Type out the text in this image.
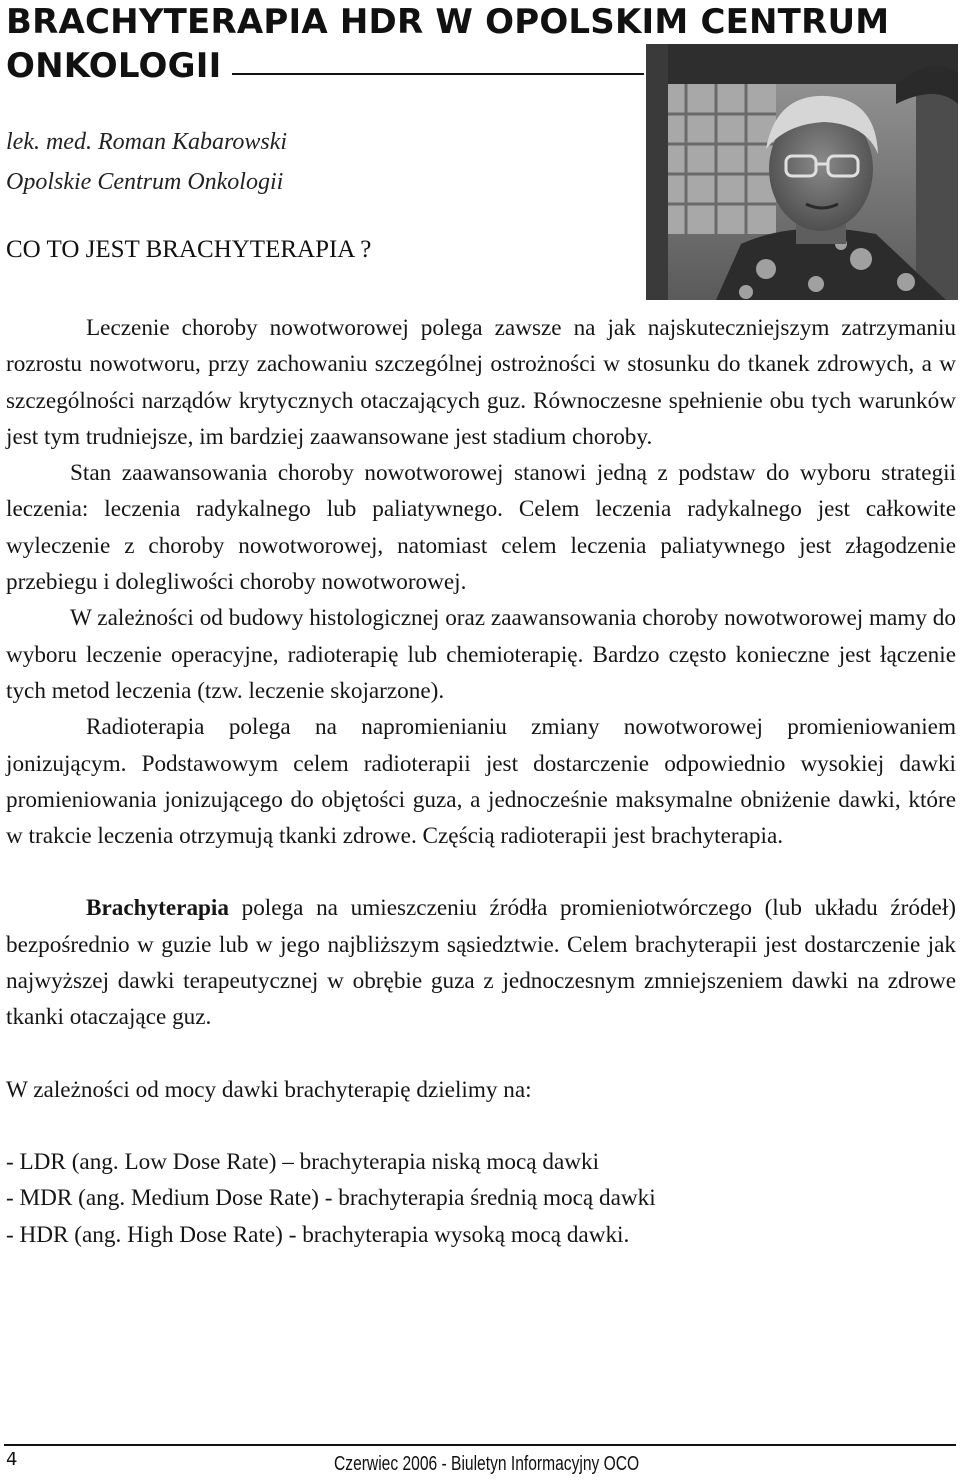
BRACHYTERAPIA HDR W OPOLSKIM CENTRUM
ONKOLOGII
lek. med. Roman Kabarowski
Opolskie Centrum Onkologii
CO TO JEST BRACHYTERAPIA ?

Leczenie choroby nowotworowej polega zawsze na jak najskuteczniejszym zatrzymaniu rozrostu nowotworu, przy zachowaniu szczególnej ostrożności w stosunku do tkanek zdrowych, a w szczególności narządów krytycznych otaczających guz. Równoczesne spełnienie obu tych warunków jest tym trudniejsze, im bardziej zaawansowane jest stadium choroby.

Stan zaawansowania choroby nowotworowej stanowi jedną z podstaw do wyboru strategii leczenia: leczenia radykalnego lub paliatywnego. Celem leczenia radykalnego jest całkowite wyleczenie z choroby nowotworowej, natomiast celem leczenia paliatywnego jest złagodzenie przebiegu i dolegliwości choroby nowotworowej.

W zależności od budowy histologicznej oraz zaawansowania choroby nowotworowej mamy do wyboru leczenie operacyjne, radioterapię lub chemioterapię. Bardzo często konieczne jest łączenie tych metod leczenia (tzw. leczenie skojarzone).

Radioterapia polega na napromienianiu zmiany nowotworowej promieniowaniem jonizującym. Podstawowym celem radioterapii jest dostarczenie odpowiednio wysokiej dawki promieniowania jonizującego do objętości guza, a jednocześnie maksymalne obniżenie dawki, które w trakcie leczenia otrzymują tkanki zdrowe. Częścią radioterapii jest brachyterapia.

Brachyterapia polega na umieszczeniu źródła promieniotwórczego (lub układu źródeł) bezpośrednio w guzie lub w jego najbliższym sąsiedztwie. Celem brachyterapii jest dostarczenie jak najwyższej dawki terapeutycznej w obrębie guza z jednoczesnym zmniejszeniem dawki na zdrowe tkanki otaczające guz.

W zależności od mocy dawki brachyterapię dzielimy na:

- LDR (ang. Low Dose Rate) – brachyterapia niską mocą dawki

- MDR (ang. Medium Dose Rate) - brachyterapia średnią mocą dawki

- HDR (ang. High Dose Rate) - brachyterapia wysoką mocą dawki.

4	Czerwiec 2006 - Biuletyn Informacyjny OCO
